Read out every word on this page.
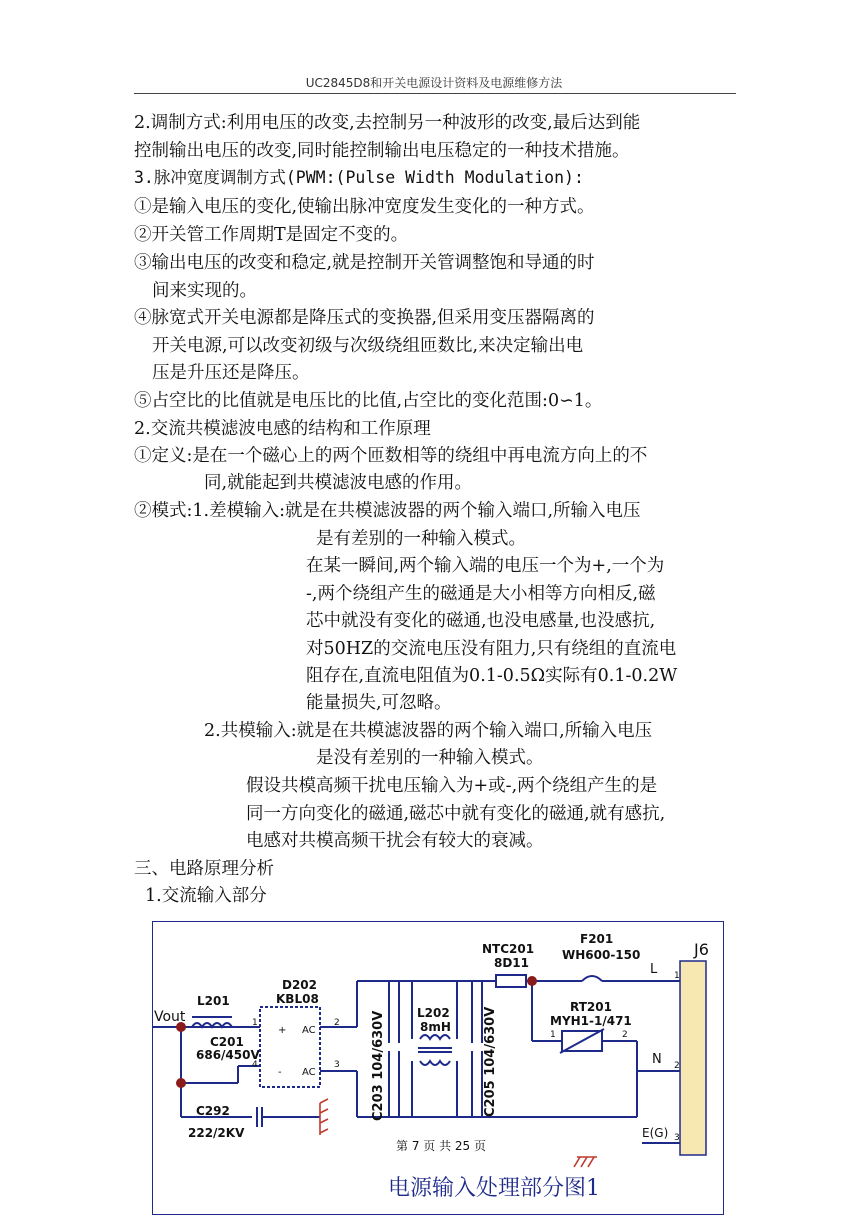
UC2845D8和开关电源设计资料及电源维修方法
2.调制方式:利用电压的改变,去控制另一种波形的改变,最后达到能
控制输出电压的改变,同时能控制输出电压稳定的一种技术措施。
3.脉冲宽度调制方式(PWM:(Pulse Width Modulation):
①是输入电压的变化,使输出脉冲宽度发生变化的一种方式。
②开关管工作周期T是固定不变的。
③输出电压的改变和稳定,就是控制开关管调整饱和导通的时
间来实现的。
④脉宽式开关电源都是降压式的变换器,但采用变压器隔离的
开关电源,可以改变初级与次级绕组匝数比,来决定输出电
压是升压还是降压。
⑤占空比的比值就是电压比的比值,占空比的变化范围:0∽1。
2.交流共模滤波电感的结构和工作原理
①定义:是在一个磁心上的两个匝数相等的绕组中再电流方向上的不
同,就能起到共模滤波电感的作用。
②模式:1.差模输入:就是在共模滤波器的两个输入端口,所输入电压
是有差别的一种输入模式。
在某一瞬间,两个输入端的电压一个为+,一个为
-,两个绕组产生的磁通是大小相等方向相反,磁
芯中就没有变化的磁通,也没电感量,也没感抗,
对50HZ的交流电压没有阻力,只有绕组的直流电
阻存在,直流电阻值为0.1-0.5Ω实际有0.1-0.2W
能量损失,可忽略。
2.共模输入:就是在共模滤波器的两个输入端口,所输入电压
是没有差别的一种输入模式。
假设共模高频干扰电压输入为+或-,两个绕组产生的是
同一方向变化的磁通,磁芯中就有变化的磁通,就有感抗,
电感对共模高频干扰会有较大的衰减。
三、电路原理分析
1.交流输入部分
Vout
L201
C201
686/450V
D202
KBL08
AC
AC
+
-
1	2
3
4	C203 104/630V	L202
8mH C205 104/630V
NTC201
8D11
F201
WH600-150
RT201
MYH1-1/471
1	2
J6
L
N
E(G)
1
2
3
C292
222/2KV
第 7 页 共 25 页
电源输入处理部分图1
